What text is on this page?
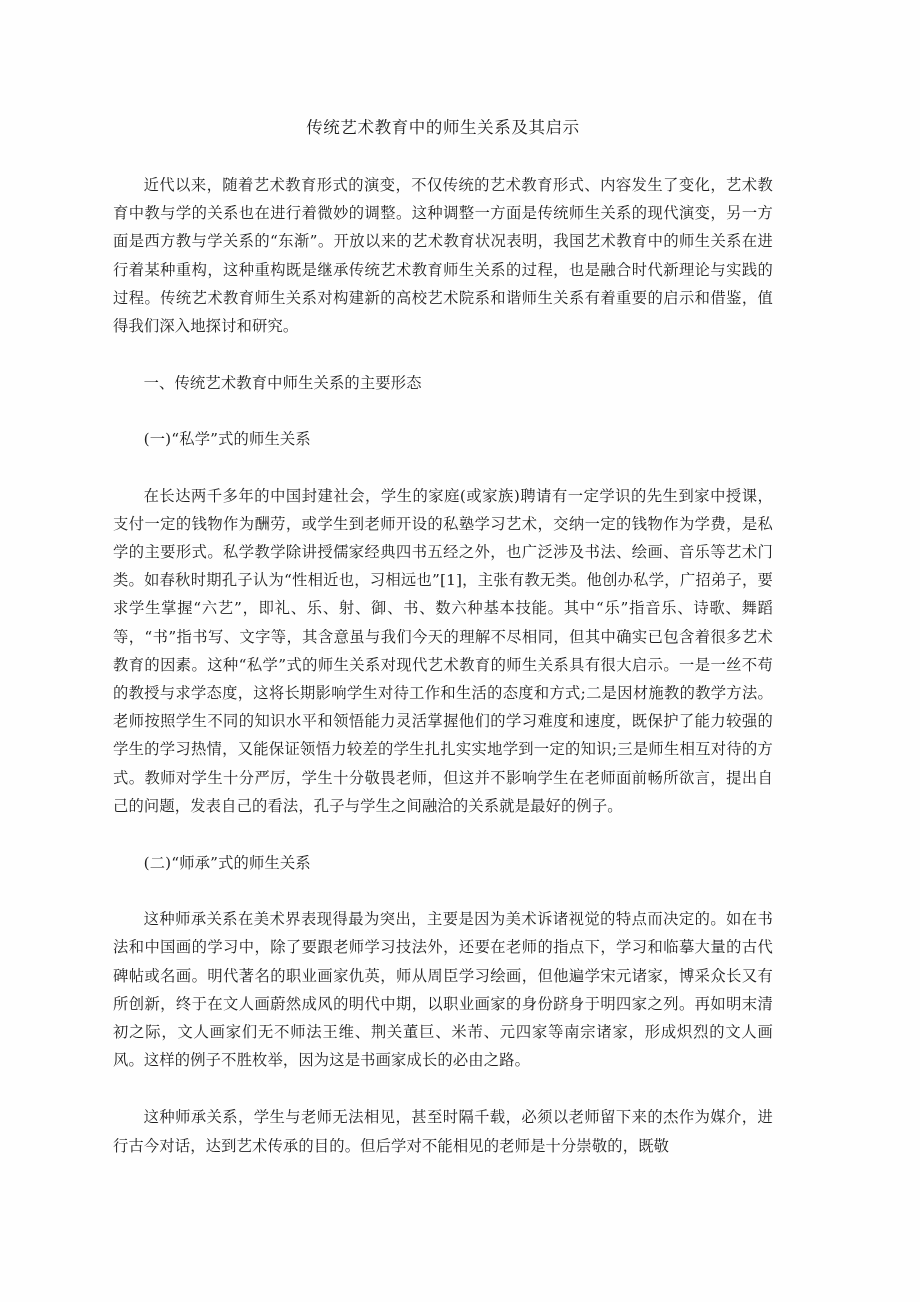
传统艺术教育中的师生关系及其启示

近代以来，随着艺术教育形式的演变，不仅传统的艺术教育形式、内容发生了变化，艺术教育中教与学的关系也在进行着微妙的调整。这种调整一方面是传统师生关系的现代演变，另一方面是西方教与学关系的“东渐”。开放以来的艺术教育状况表明，我国艺术教育中的师生关系在进行着某种重构，这种重构既是继承传统艺术教育师生关系的过程，也是融合时代新理论与实践的过程。传统艺术教育师生关系对构建新的高校艺术院系和谐师生关系有着重要的启示和借鉴，值得我们深入地探讨和研究。

一、传统艺术教育中师生关系的主要形态
(一)“私学”式的师生关系

在长达两千多年的中国封建社会，学生的家庭(或家族)聘请有一定学识的先生到家中授课，支付一定的钱物作为酬劳，或学生到老师开设的私塾学习艺术，交纳一定的钱物作为学费，是私学的主要形式。私学教学除讲授儒家经典四书五经之外，也广泛涉及书法、绘画、音乐等艺术门类。如春秋时期孔子认为“性相近也，习相远也”[1]，主张有教无类。他创办私学，广招弟子，要求学生掌握“六艺”，即礼、乐、射、御、书、数六种基本技能。其中“乐”指音乐、诗歌、舞蹈等，“书”指书写、文字等，其含意虽与我们今天的理解不尽相同，但其中确实已包含着很多艺术教育的因素。这种“私学”式的师生关系对现代艺术教育的师生关系具有很大启示。一是一丝不苟的教授与求学态度，这将长期影响学生对待工作和生活的态度和方式;二是因材施教的教学方法。老师按照学生不同的知识水平和领悟能力灵活掌握他们的学习难度和速度，既保护了能力较强的学生的学习热情，又能保证领悟力较差的学生扎扎实实地学到一定的知识;三是师生相互对待的方式。教师对学生十分严厉，学生十分敬畏老师，但这并不影响学生在老师面前畅所欲言，提出自己的问题，发表自己的看法，孔子与学生之间融洽的关系就是最好的例子。

(二)“师承”式的师生关系

这种师承关系在美术界表现得最为突出，主要是因为美术诉诸视觉的特点而决定的。如在书法和中国画的学习中，除了要跟老师学习技法外，还要在老师的指点下，学习和临摹大量的古代碑帖或名画。明代著名的职业画家仇英，师从周臣学习绘画，但他遍学宋元诸家，博采众长又有所创新，终于在文人画蔚然成风的明代中期，以职业画家的身份跻身于明四家之列。再如明末清初之际，文人画家们无不师法王维、荆关董巨、米芾、元四家等南宗诸家，形成炽烈的文人画风。这样的例子不胜枚举，因为这是书画家成长的必由之路。

这种师承关系，学生与老师无法相见，甚至时隔千载，必须以老师留下来的杰作为媒介，进行古今对话，达到艺术传承的目的。但后学对不能相见的老师是十分崇敬的，既敬
